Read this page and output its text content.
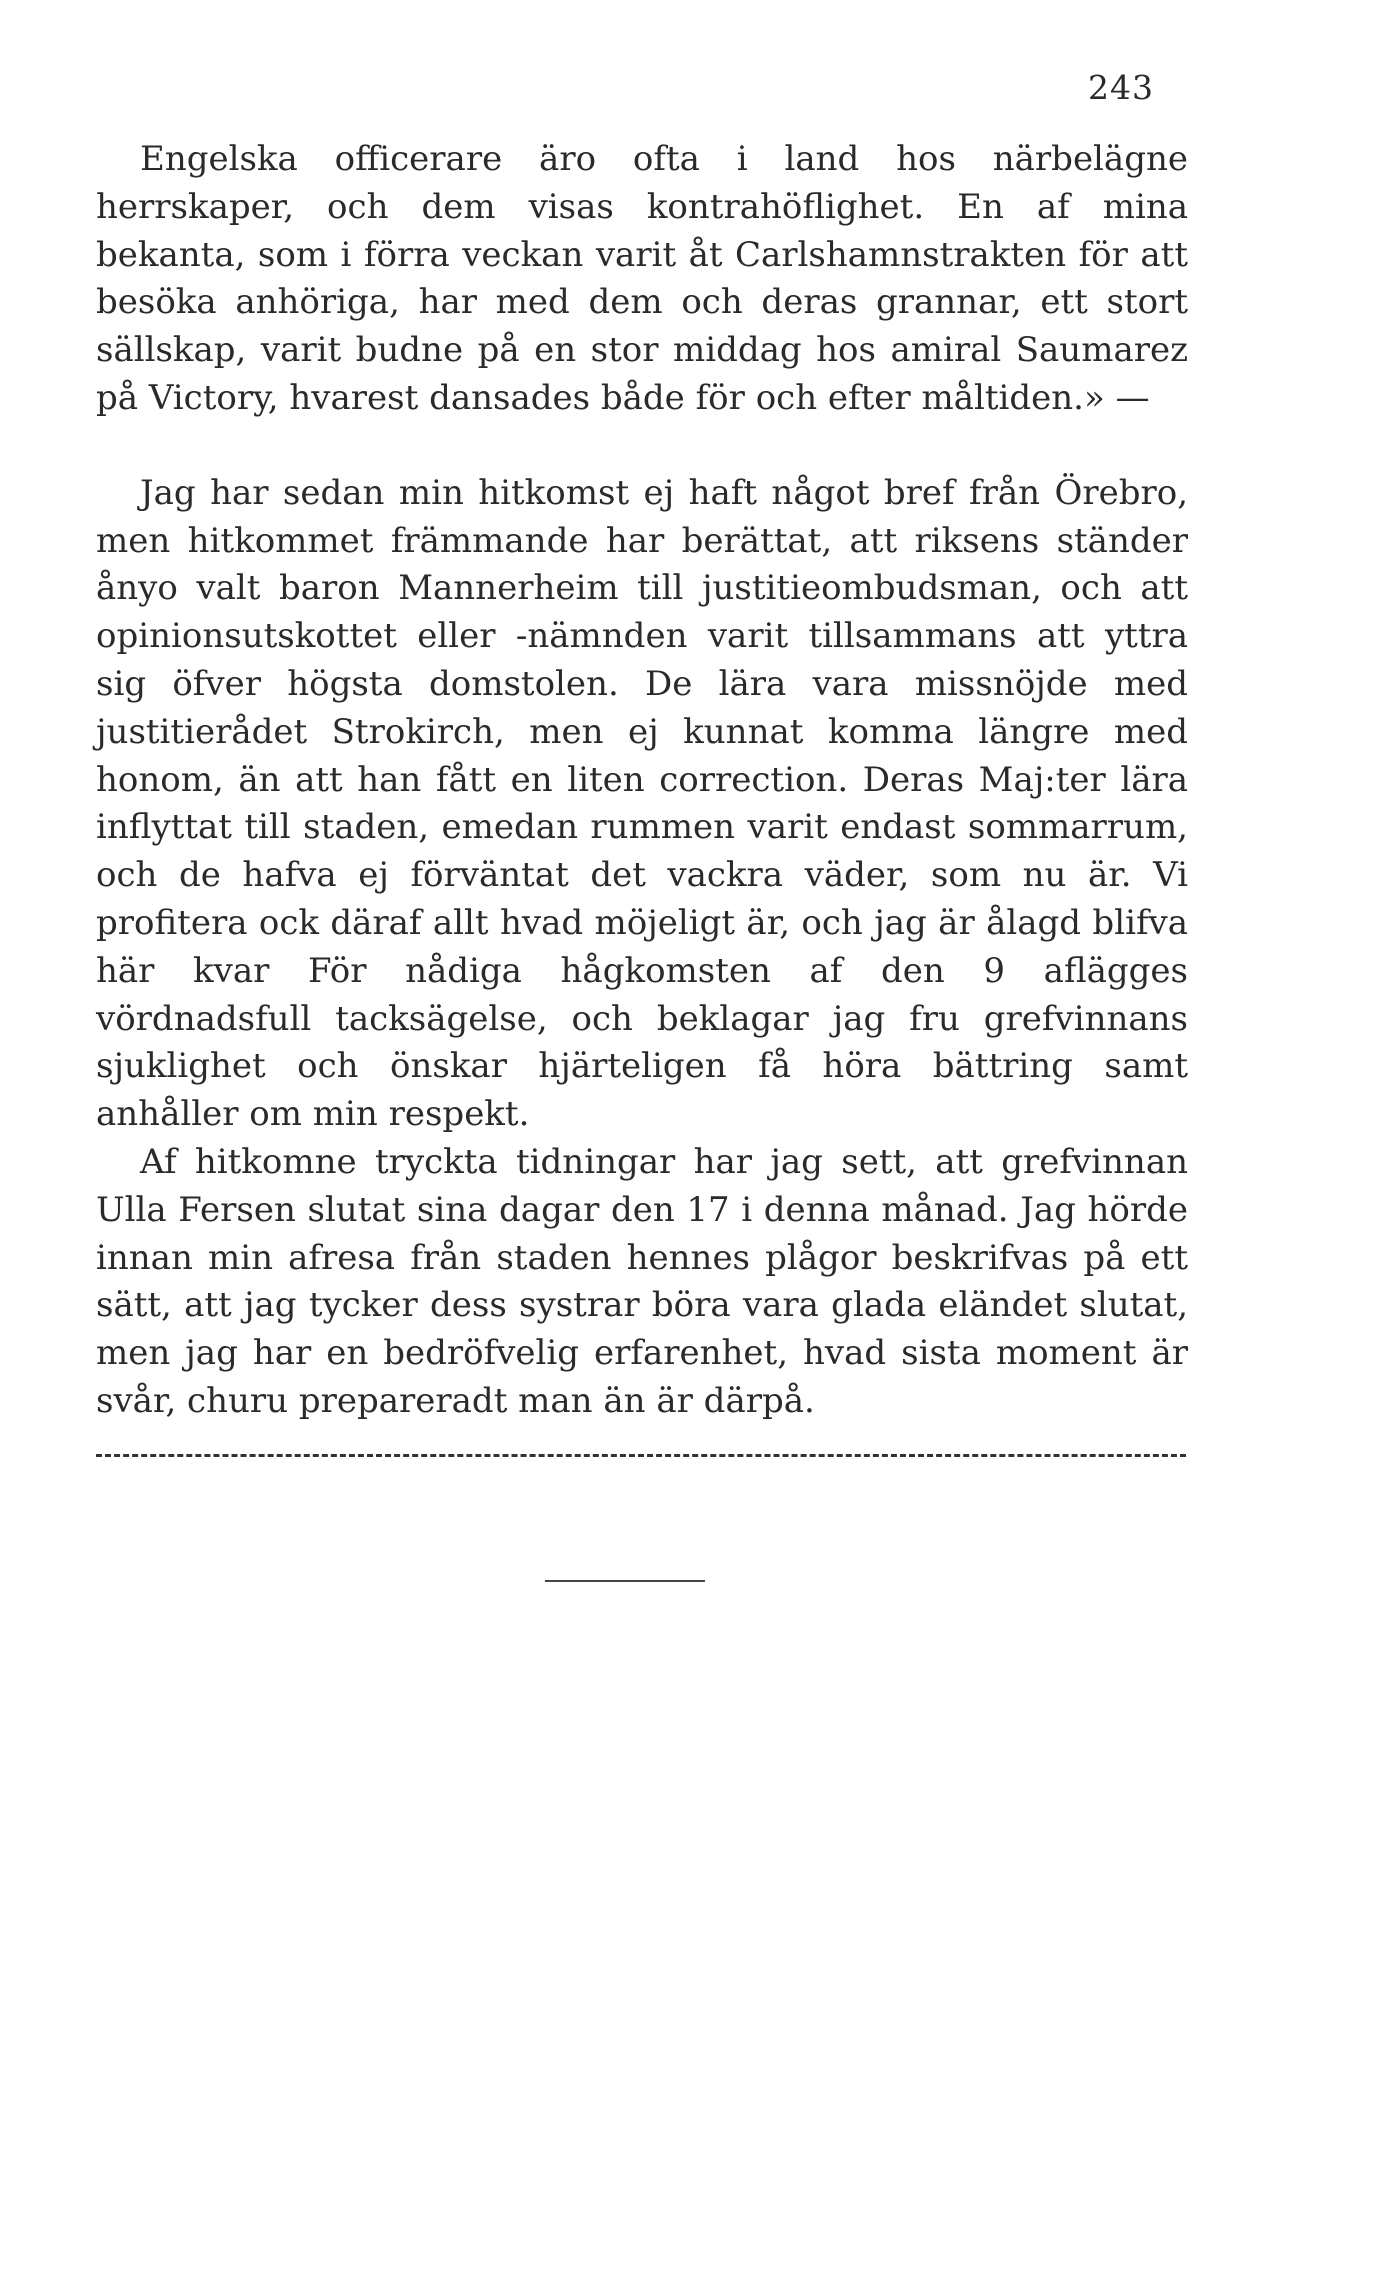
243

Engelska officerare äro ofta i land hos närbelägne herrskaper, och dem visas kontrahöflighet. En af mina bekanta, som i förra veckan varit åt Carlshamnstrakten för att besöka anhöriga, har med dem och deras grannar, ett stort sällskap, varit budne på en stor middag hos amiral Saumarez på Victory, hvarest dansades både för och efter måltiden.» —

Jag har sedan min hitkomst ej haft något bref från Örebro, men hitkommet främmande har berättat, att riksens ständer ånyo valt baron Mannerheim till justitieombudsman, och att opinionsutskottet eller -nämnden varit tillsammans att yttra sig öfver högsta domstolen. De lära vara missnöjde med justitierådet Strokirch, men ej kunnat komma längre med honom, än att han fått en liten correction. Deras Maj:ter lära inflyttat till staden, emedan rummen varit endast sommarrum, och de hafva ej förväntat det vackra väder, som nu är. Vi profitera ock däraf allt hvad möjeligt är, och jag är ålagd blifva här kvar För nådiga hågkomsten af den 9 aflägges vördnadsfull tacksägelse, och beklagar jag fru grefvinnans sjuklighet och önskar hjärteligen få höra bättring samt anhåller om min respekt.

Af hitkomne tryckta tidningar har jag sett, att grefvinnan Ulla Fersen slutat sina dagar den 17 i denna månad. Jag hörde innan min afresa från staden hennes plågor beskrifvas på ett sätt, att jag tycker dess systrar böra vara glada eländet slutat, men jag har en bedröfvelig erfarenhet, hvad sista moment är svår, churu prepareradt man än är därpå.
